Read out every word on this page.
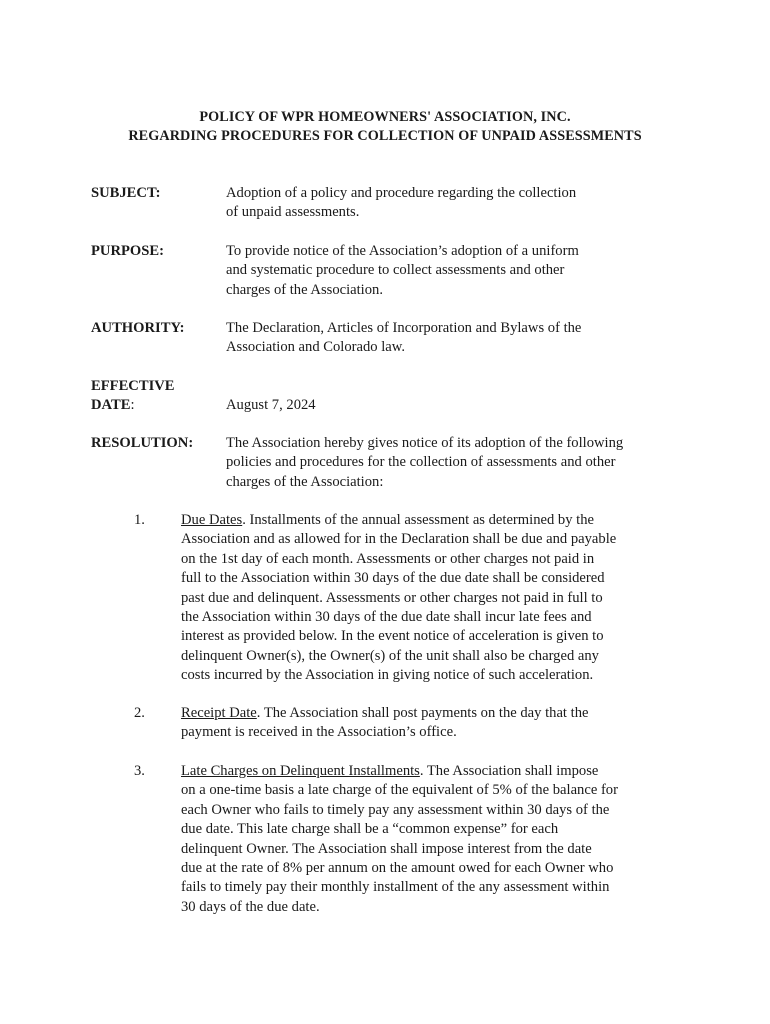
POLICY OF WPR HOMEOWNERS' ASSOCIATION, INC.
REGARDING PROCEDURES FOR COLLECTION OF UNPAID ASSESSMENTS
SUBJECT:	Adoption of a policy and procedure regarding the collection
of unpaid assessments.
PURPOSE:	To provide notice of the Association’s adoption of a uniform
and systematic procedure to collect assessments and other
charges of the Association.
AUTHORITY:	The Declaration, Articles of Incorporation and Bylaws of the
Association and Colorado law.
EFFECTIVE
DATE:	August 7, 2024
RESOLUTION:	The Association hereby gives notice of its adoption of the following
policies and procedures for the collection of assessments and other
charges of the Association:
1.	Due Dates. Installments of the annual assessment as determined by the
Association and as allowed for in the Declaration shall be due and payable
on the 1st day of each month. Assessments or other charges not paid in
full to the Association within 30 days of the due date shall be considered
past due and delinquent. Assessments or other charges not paid in full to
the Association within 30 days of the due date shall incur late fees and
interest as provided below. In the event notice of acceleration is given to
delinquent Owner(s), the Owner(s) of the unit shall also be charged any
costs incurred by the Association in giving notice of such acceleration.
2.	Receipt Date. The Association shall post payments on the day that the
payment is received in the Association’s office.
3.	Late Charges on Delinquent Installments. The Association shall impose
on a one-time basis a late charge of the equivalent of 5% of the balance for
each Owner who fails to timely pay any assessment within 30 days of the
due date. This late charge shall be a “common expense” for each
delinquent Owner. The Association shall impose interest from the date
due at the rate of 8% per annum on the amount owed for each Owner who
fails to timely pay their monthly installment of the any assessment within
30 days of the due date.
